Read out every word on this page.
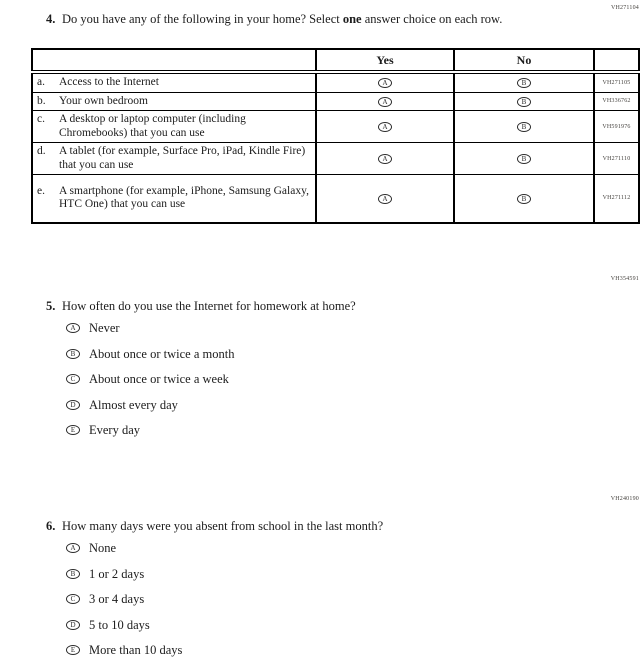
VH271104
4. Do you have any of the following in your home? Select one answer choice on each row.
	Yes	No	

a. Access to the Internet	A	B	VH271105

b. Your own bedroom	A	B	VH336762

c. A desktop or laptop computer (including Chromebooks) that you can use	A	B	VH591976

d. A tablet (for example, Surface Pro, iPad, Kindle Fire) that you can use	A	B	VH271110

e. A smartphone (for example, iPhone, Samsung Galaxy, HTC One) that you can use	A	B	VH271112
VH354591
5. How often do you use the Internet for homework at home?
A	Never
B	About once or twice a month
C	About once or twice a week
D	Almost every day
E	Every day
VH240190
6. How many days were you absent from school in the last month?
A	None
B	1 or 2 days
C	3 or 4 days
D	5 to 10 days
E	More than 10 days
